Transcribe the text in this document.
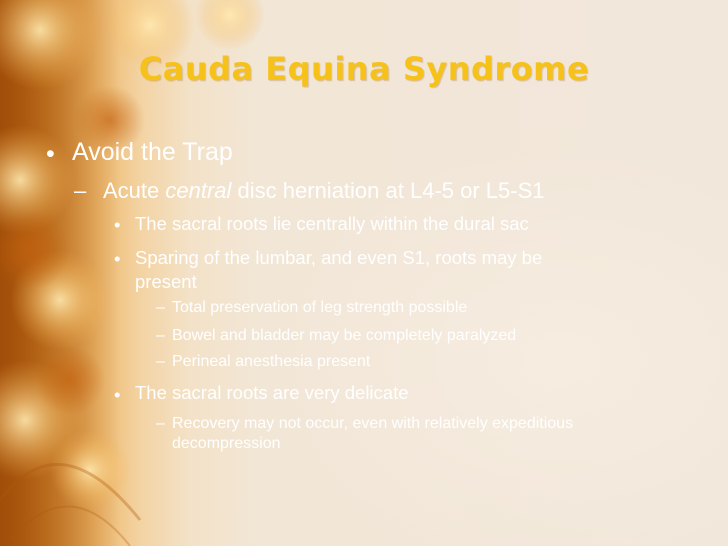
Cauda Equina Syndrome
• Avoid the Trap
– Acute central disc herniation at L4-5 or L5-S1
• The sacral roots lie centrally within the dural sac
• Sparing of the lumbar, and even S1, roots may be
present
– Total preservation of leg strength possible
– Bowel and bladder may be completely paralyzed
– Perineal anesthesia present
• The sacral roots are very delicate
– Recovery may not occur, even with relatively expeditious
decompression
